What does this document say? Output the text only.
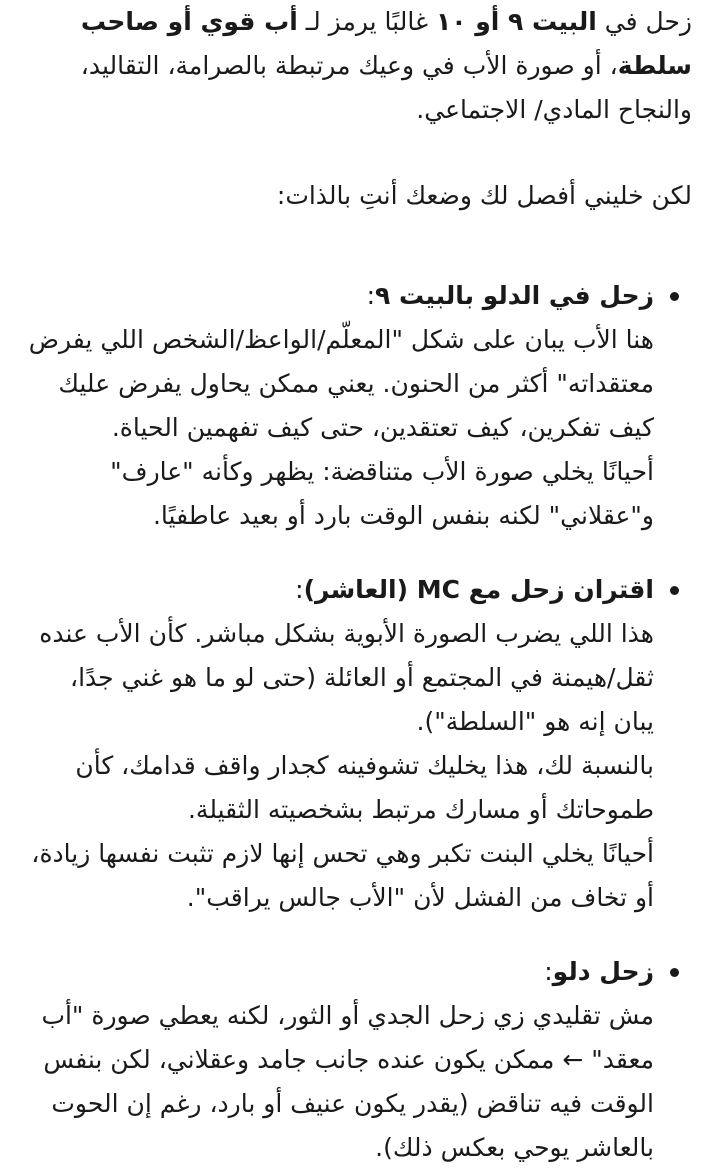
زحل في البيت ٩ أو ١٠ غالبًا يرمز لـ أب قوي أو صاحب سلطة، أو صورة الأب في وعيك مرتبطة بالصرامة، التقاليد، والنجاح المادي/ الاجتماعي.

لكن خليني أفصل لك وضعك أنتِ بالذات:

زحل في الدلو بالبيت ٩:

هنا الأب يبان على شكل "المعلّم/الواعظ/الشخص اللي يفرض معتقداته" أكثر من الحنون. يعني ممكن يحاول يفرض عليك كيف تفكرين، كيف تعتقدين، حتى كيف تفهمين الحياة.

أحيانًا يخلي صورة الأب متناقضة: يظهر وكأنه "عارف" و"عقلاني" لكنه بنفس الوقت بارد أو بعيد عاطفيًا.

اقتران زحل مع MC (العاشر):

هذا اللي يضرب الصورة الأبوية بشكل مباشر. كأن الأب عنده ثقل/هيمنة في المجتمع أو العائلة (حتى لو ما هو غني جدًا، يبان إنه هو "السلطة").

بالنسبة لك، هذا يخليك تشوفينه كجدار واقف قدامك، كأن طموحاتك أو مسارك مرتبط بشخصيته الثقيلة.

أحيانًا يخلي البنت تكبر وهي تحس إنها لازم تثبت نفسها زيادة، أو تخاف من الفشل لأن "الأب جالس يراقب".

زحل دلو:

مش تقليدي زي زحل الجدي أو الثور، لكنه يعطي صورة "أب معقد" ← ممكن يكون عنده جانب جامد وعقلاني، لكن بنفس الوقت فيه تناقض (يقدر يكون عنيف أو بارد، رغم إن الحوت بالعاشر يوحي بعكس ذلك).
